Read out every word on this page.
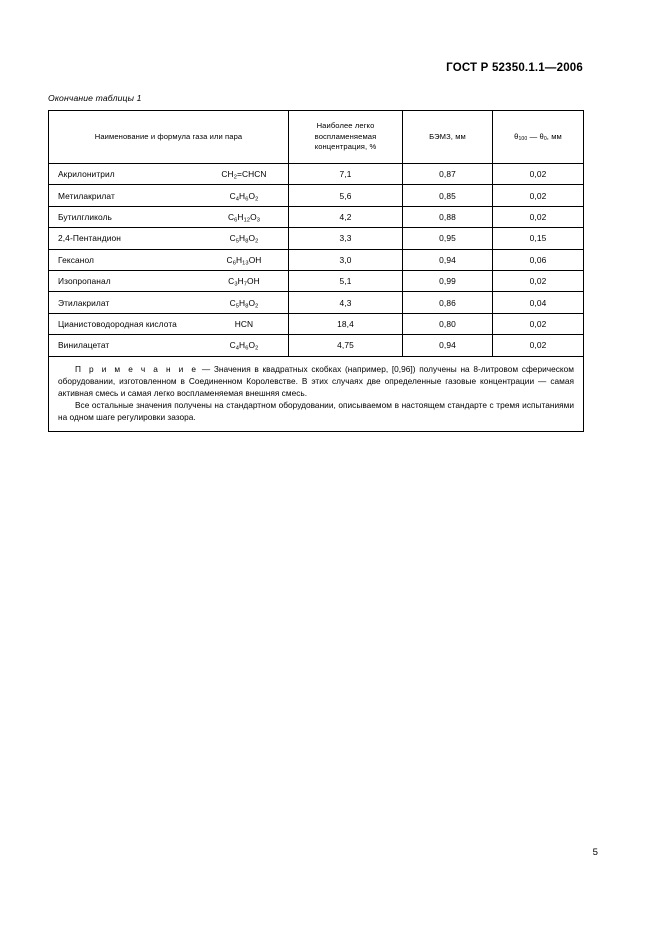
ГОСТ Р 52350.1.1—2006
Окончание таблицы 1
Наименование и формула газа или пара	Наиболее легко воспламеняемая концентрация, %	БЭМЗ, мм	$\theta_{100}$ — $\theta_0$, мм

Акрилонитрил $CH_2=CHCN$	7,1	0,87	0,02

Метилакрилат $C_4H_6O_2$	5,6	0,85	0,02

Бутилгликоль $C_6H_{12}O_3$	4,2	0,88	0,02

2,4-Пентандион $C_5H_8O_2$	3,3	0,95	0,15

Гексанол $C_6H_{13}OH$	3,0	0,94	0,06

Изопропанал $C_3H_7OH$	5,1	0,99	0,02

Этилакрилат $C_5H_8O_2$	4,3	0,86	0,04

Цианистоводородная кислота HCN	18,4	0,80	0,02

Винилацетат $C_4H_6O_2$	4,75	0,94	0,02

П р и м е ч а н и е — Значения в квадратных скобках (например, [0,96]) получены на 8-литровом сферическом оборудовании, изготовленном в Соединенном Королевстве. В этих случаях две определенные газовые концентрации — самая активная смесь и самая легко воспламеняемая внешняя смесь.

Все остальные значения получены на стандартном оборудовании, описываемом в настоящем стандарте с тремя испытаниями на одном шаге регулировки зазора.			

5
